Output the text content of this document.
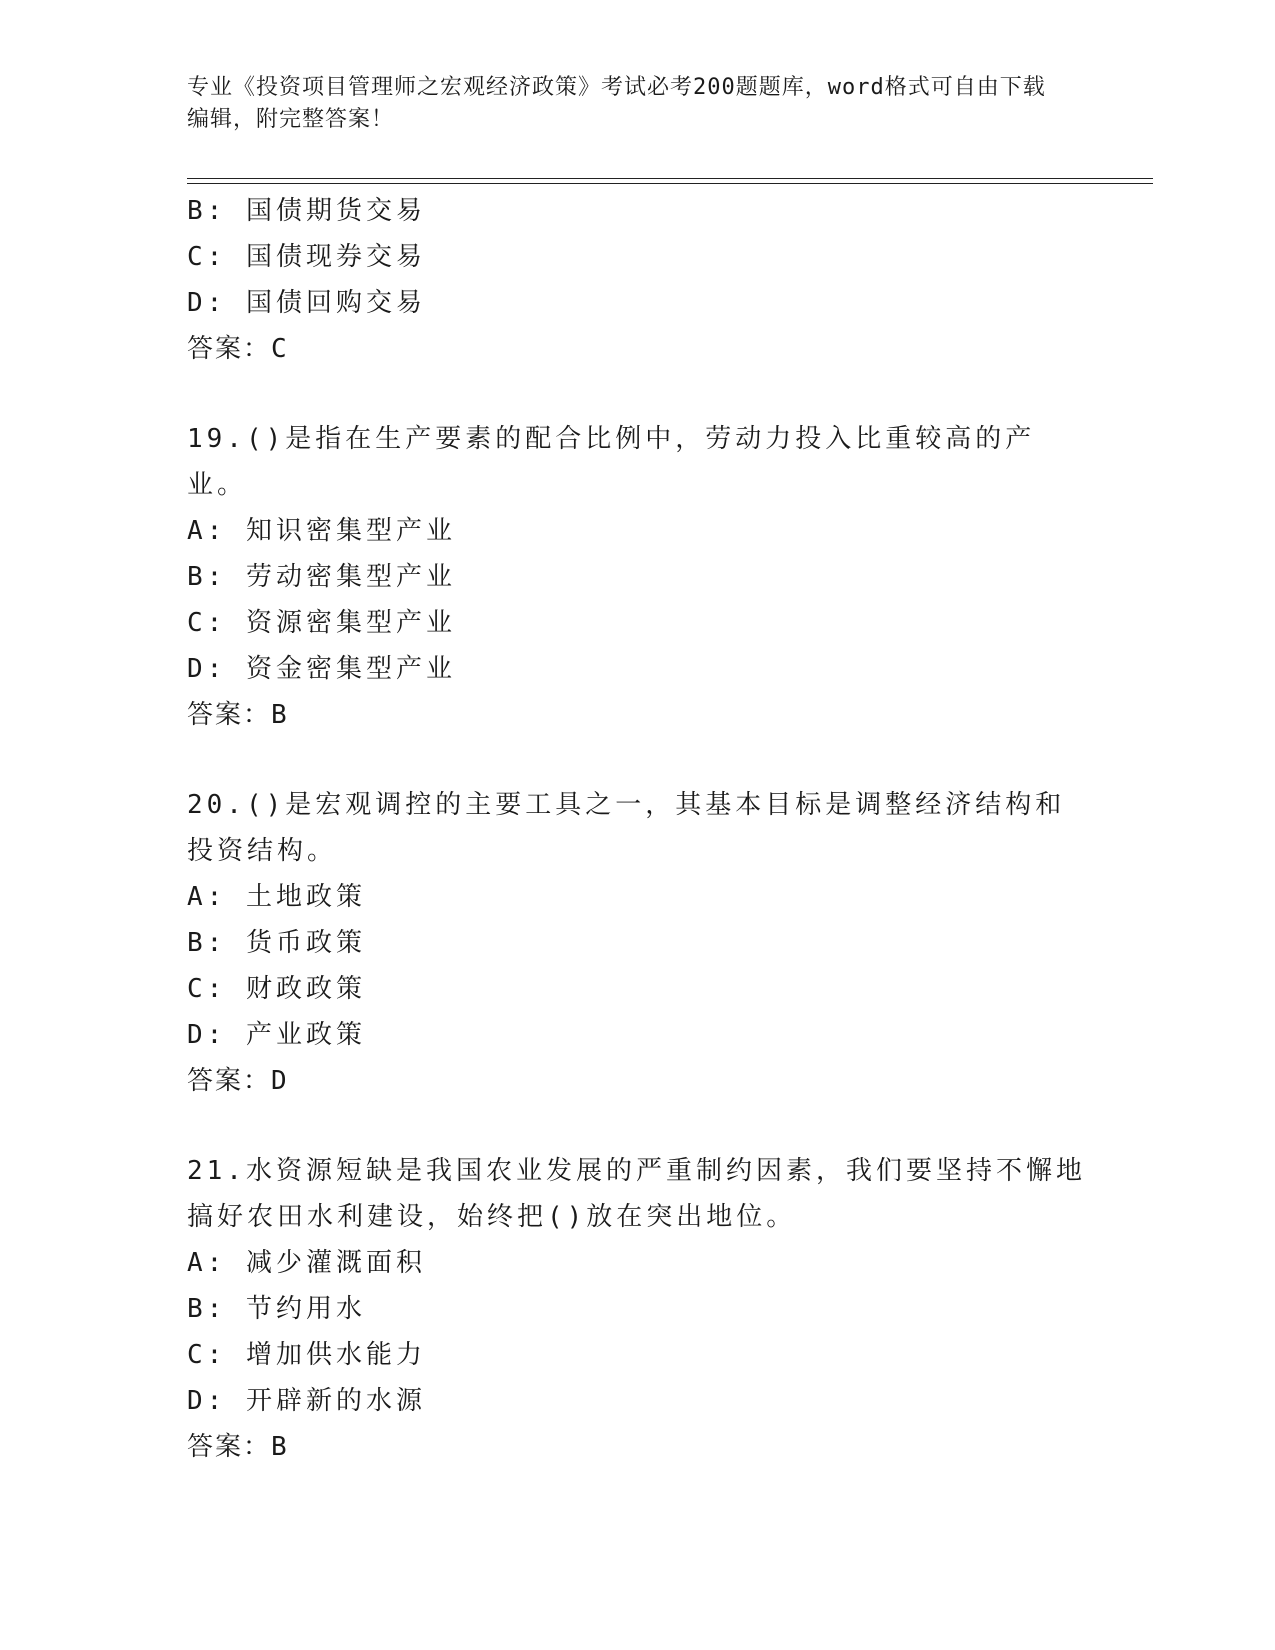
专业《投资项目管理师之宏观经济政策》考试必考200题题库，word格式可自由下载编辑，附完整答案！
B: 国债期货交易
C: 国债现券交易
D: 国债回购交易
答案：C
19.()是指在生产要素的配合比例中，劳动力投入比重较高的产业。
A: 知识密集型产业
B: 劳动密集型产业
C: 资源密集型产业
D: 资金密集型产业
答案：B
20.()是宏观调控的主要工具之一，其基本目标是调整经济结构和投资结构。
A: 土地政策
B: 货币政策
C: 财政政策
D: 产业政策
答案：D
21.水资源短缺是我国农业发展的严重制约因素，我们要坚持不懈地搞好农田水利建设，始终把()放在突出地位。
A: 减少灌溉面积
B: 节约用水
C: 增加供水能力
D: 开辟新的水源
答案：B
